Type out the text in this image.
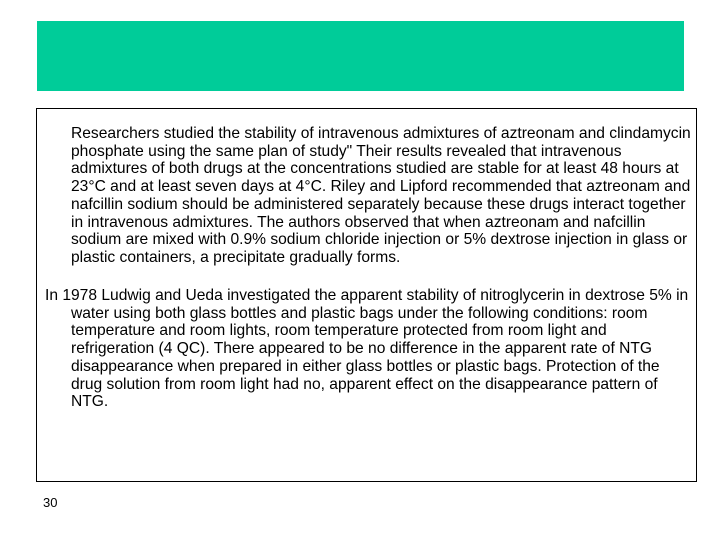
Researchers studied the stability of intravenous admixtures of aztreonam and clindamycin phosphate using the same plan of study" Their results revealed that intravenous admixtures of both drugs at the concentrations studied are stable for at least 48 hours at 23°C and at least seven days at 4°C. Riley and Lipford recommended that aztreonam and nafcillin sodium should be administered separately because these drugs interact together in intravenous admixtures. The authors observed that when aztreonam and nafcillin sodium are mixed with 0.9% sodium chloride injection or 5% dextrose injection in glass or plastic containers, a precipitate gradually forms.

In 1978 Ludwig and Ueda investigated the apparent stability of nitroglycerin in dextrose 5% in water using both glass bottles and plastic bags under the following conditions: room temperature and room lights, room temperature protected from room light and refrigeration (4 QC). There appeared to be no difference in the apparent rate of NTG disappearance when prepared in either glass bottles or plastic bags. Protection of the drug solution from room light had no, apparent effect on the disappearance pattern of NTG.

30
